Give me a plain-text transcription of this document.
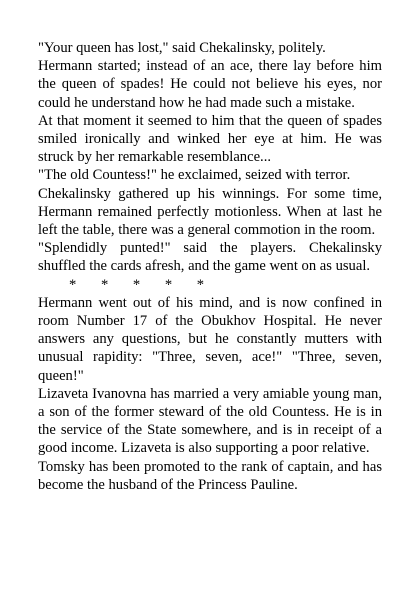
"Your queen has lost," said Chekalinsky, politely.

Hermann started; instead of an ace, there lay before him the queen of spades! He could not believe his eyes, nor could he understand how he had made such a mistake.

At that moment it seemed to him that the queen of spades smiled ironically and winked her eye at him. He was struck by her remarkable resemblance...

"The old Countess!" he exclaimed, seized with terror.

Chekalinsky gathered up his winnings. For some time, Hermann remained perfectly motionless. When at last he left the table, there was a general commotion in the room.

"Splendidly punted!" said the players. Chekalinsky shuffled the cards afresh, and the game went on as usual.

* * * * *

Hermann went out of his mind, and is now confined in room Number 17 of the Obukhov Hospital. He never answers any questions, but he constantly mutters with unusual rapidity: "Three, seven, ace!" "Three, seven, queen!"

Lizaveta Ivanovna has married a very amiable young man, a son of the former steward of the old Countess. He is in the service of the State somewhere, and is in receipt of a good income. Lizaveta is also supporting a poor relative.

Tomsky has been promoted to the rank of captain, and has become the husband of the Princess Pauline.
